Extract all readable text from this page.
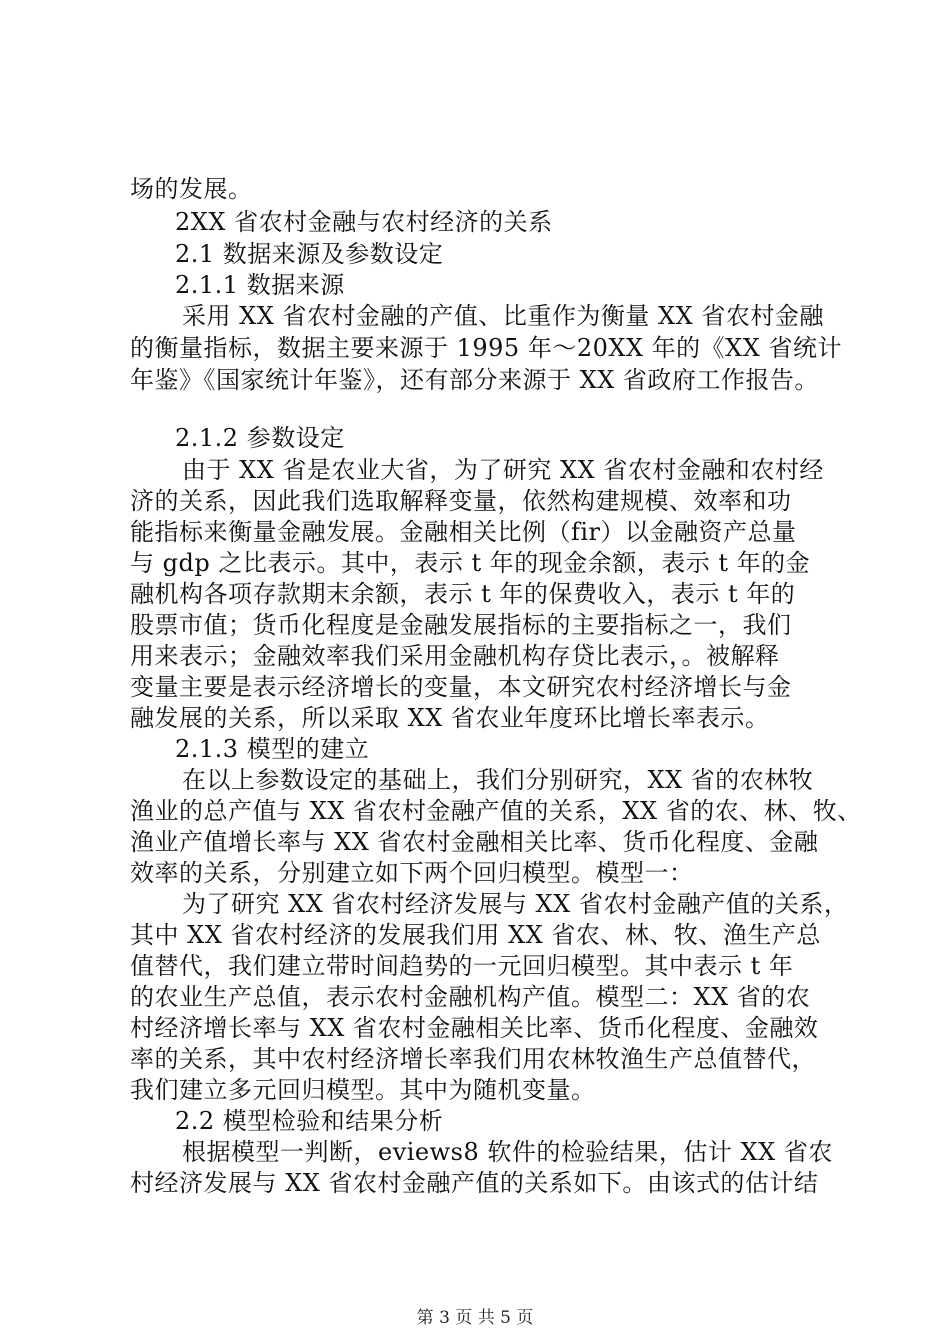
场的发展。
2XX 省农村金融与农村经济的关系
2.1 数据来源及参数设定
2.1.1 数据来源
采用 XX 省农村金融的产值、比重作为衡量 XX 省农村金融
的衡量指标，数据主要来源于 1995 年～20XX 年的《XX 省统计
年鉴》《国家统计年鉴》，还有部分来源于 XX 省政府工作报告。
2.1.2 参数设定
由于 XX 省是农业大省，为了研究 XX 省农村金融和农村经
济的关系，因此我们选取解释变量，依然构建规模、效率和功
能指标来衡量金融发展。金融相关比例（fir）以金融资产总量
与 gdp 之比表示。其中，表示 t 年的现金余额，表示 t 年的金
融机构各项存款期末余额，表示 t 年的保费收入，表示 t 年的
股票市值；货币化程度是金融发展指标的主要指标之一，我们
用来表示；金融效率我们采用金融机构存贷比表示，。被解释
变量主要是表示经济增长的变量，本文研究农村经济增长与金
融发展的关系，所以采取 XX 省农业年度环比增长率表示。
2.1.3 模型的建立
在以上参数设定的基础上，我们分别研究，XX 省的农林牧
渔业的总产值与 XX 省农村金融产值的关系，XX 省的农、林、牧、
渔业产值增长率与 XX 省农村金融相关比率、货币化程度、金融
效率的关系，分别建立如下两个回归模型。模型一：
为了研究 XX 省农村经济发展与 XX 省农村金融产值的关系，
其中 XX 省农村经济的发展我们用 XX 省农、林、牧、渔生产总
值替代，我们建立带时间趋势的一元回归模型。其中表示 t 年
的农业生产总值，表示农村金融机构产值。模型二：XX 省的农
村经济增长率与 XX 省农村金融相关比率、货币化程度、金融效
率的关系，其中农村经济增长率我们用农林牧渔生产总值替代，
我们建立多元回归模型。其中为随机变量。
2.2 模型检验和结果分析
根据模型一判断，eviews8 软件的检验结果，估计 XX 省农
村经济发展与 XX 省农村金融产值的关系如下。由该式的估计结
第 3 页 共 5 页
